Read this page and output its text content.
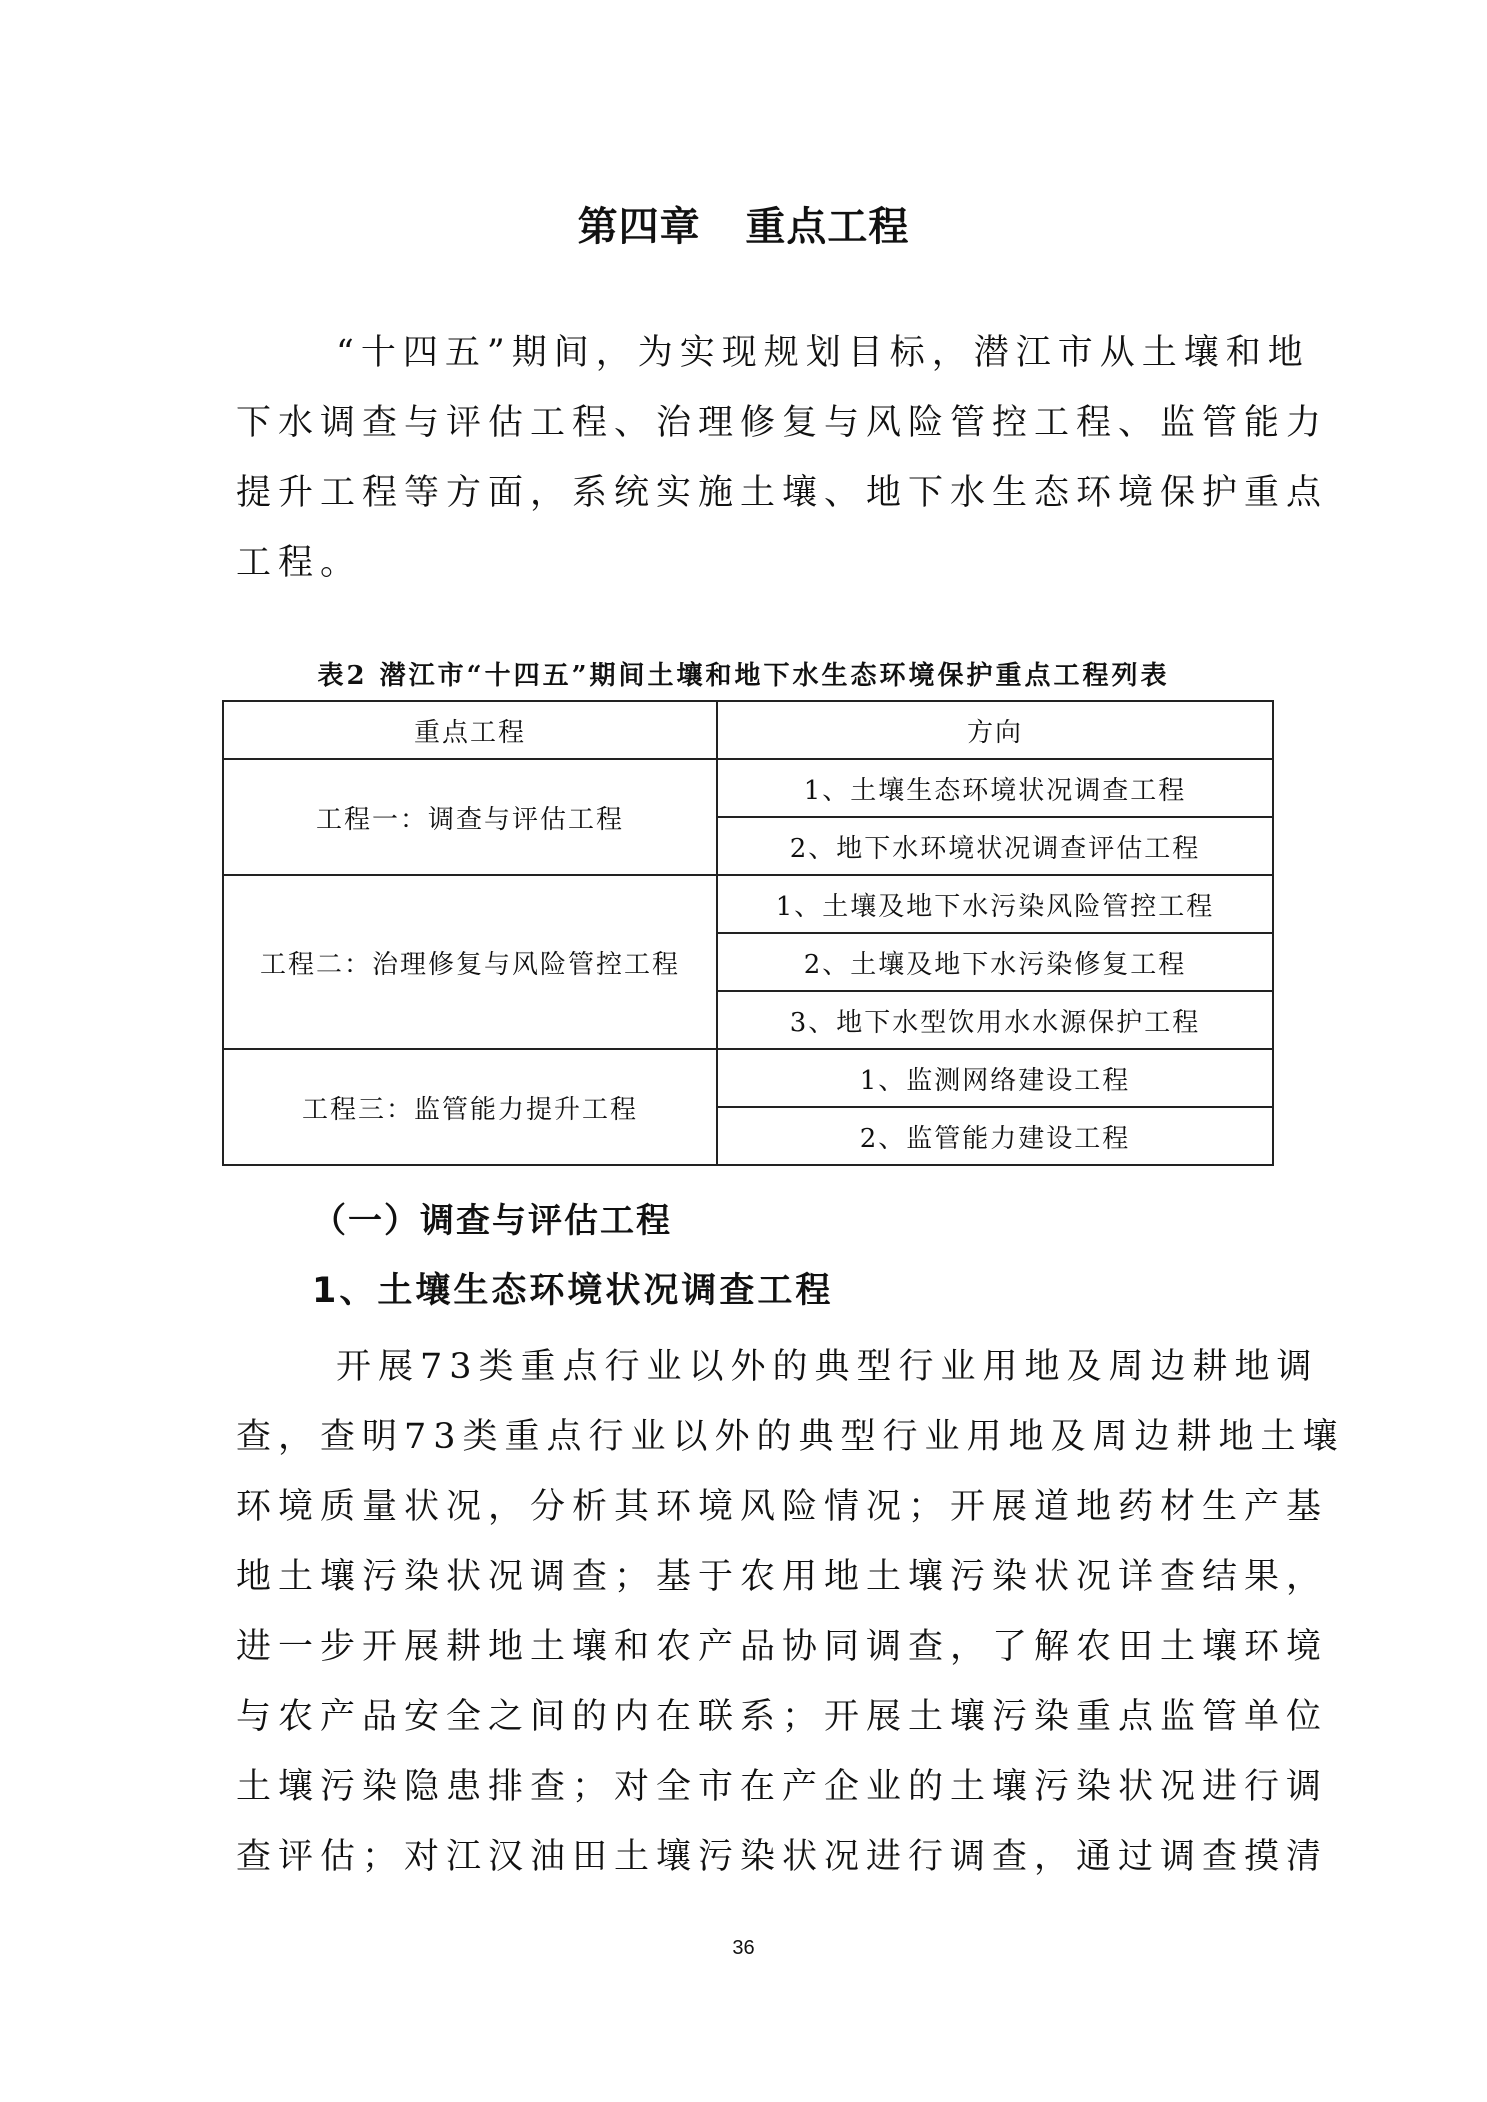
第四章   重点工程

“十四五”期间，为实现规划目标，潜江市从土壤和地
下水调查与评估工程、治理修复与风险管控工程、监管能力
提升工程等方面，系统实施土壤、地下水生态环境保护重点
工程。

表2 潜江市“十四五”期间土壤和地下水生态环境保护重点工程列表
重点工程	方向
工程一：调查与评估工程	1、土壤生态环境状况调查工程
	2、地下水环境状况调查评估工程
工程二：治理修复与风险管控工程	1、土壤及地下水污染风险管控工程
	2、土壤及地下水污染修复工程
	3、地下水型饮用水水源保护工程
工程三：监管能力提升工程	1、监测网络建设工程
	2、监管能力建设工程
（一）调查与评估工程
1、土壤生态环境状况调查工程

开展73类重点行业以外的典型行业用地及周边耕地调
查，查明73类重点行业以外的典型行业用地及周边耕地土壤
环境质量状况，分析其环境风险情况；开展道地药材生产基
地土壤污染状况调查；基于农用地土壤污染状况详查结果，
进一步开展耕地土壤和农产品协同调查，了解农田土壤环境
与农产品安全之间的内在联系；开展土壤污染重点监管单位
土壤污染隐患排查；对全市在产企业的土壤污染状况进行调
查评估；对江汉油田土壤污染状况进行调查，通过调查摸清

36
